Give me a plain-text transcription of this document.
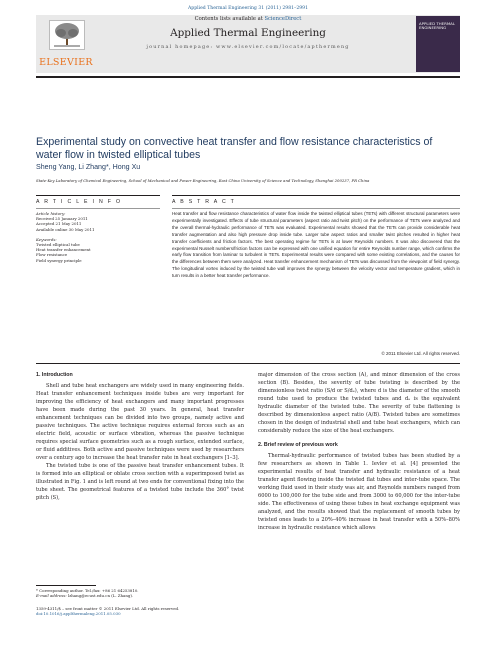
Applied Thermal Engineering 31 (2011) 2981–2991
ELSEVIER
Contents lists available at ScienceDirect
Applied Thermal Engineering
journal homepage: www.elsevier.com/locate/apthermeng
APPLIED THERMAL ENGINEERING
Experimental study on convective heat transfer and flow resistance characteristics of water flow in twisted elliptical tubes
Sheng Yang, Li Zhang*, Hong Xu
State-Key Laboratory of Chemical Engineering, School of Mechanical and Power Engineering, East China University of Science and Technology, Shanghai 200237, PR China
A R T I C L E I N F O	A B S T R A C T
Article history:
Received 25 January 2011
Accepted 21 May 2011
Available online 30 May 2011
Keywords:
Twisted elliptical tube
Heat transfer enhancement
Flow resistance
Field synergy principle
Heat transfer and flow resistance characteristics of water flow inside the twisted elliptical tubes (TETs) with different structural parameters were experimentally investigated. Effects of tube structural parameters (aspect ratio and twist pitch) on the performance of TETs were analyzed and the overall thermal-hydraulic performance of TETs was evaluated. Experimental results showed that the TETs can provide considerable heat transfer augmentation and also high pressure drop inside tube. Larger tube aspect ratios and smaller twist pitches resulted in higher heat transfer coefficients and friction factors. The best operating regime for TETs is at lower Reynolds numbers. It was also discovered that the experimental Nusselt numbers/friction factors can be expressed with one unified equation for entire Reynolds number range, which confirms the early flow transition from laminar to turbulent in TETs. Experimental results were compared with some existing correlations, and the causes for the differences between them were analyzed. Heat transfer enhancement mechanism of TETs was discussed from the viewpoint of field synergy. The longitudinal vortex induced by the twisted tube wall improves the synergy between the velocity vector and temperature gradient, which in turn results in a better heat transfer performance.
© 2011 Elsevier Ltd. All rights reserved.
1. Introduction
Shell and tube heat exchangers are widely used in many engineering fields. Heat transfer enhancement techniques inside tubes are very important for improving the efficiency of heat exchangers and many important progresses have been made during the past 30 years. In general, heat transfer enhancement techniques can be divided into two groups, namely active and passive techniques. The active technique requires external forces such as an electric field, acoustic or surface vibration, whereas the passive technique requires special surface geometries such as a rough surface, extended surface, or fluid additives. Both active and passive techniques were used by researchers over a century ago to increase the heat transfer rate in heat exchangers [1–3].
The twisted tube is one of the passive heat transfer enhancement tubes. It is formed into an elliptical or oblate cross section with a superimposed twist as illustrated in Fig. 1 and is left round at two ends for conventional fixing into the tube sheet. The geometrical features of a twisted tube include the 360° twist pitch (S),
major dimension of the cross section (A), and minor dimension of the cross section (B). Besides, the severity of tube twisting is described by the dimensionless twist ratio (S/d or S/dₑ), where d is the diameter of the smooth round tube used to produce the twisted tubes and dₑ is the equivalent hydraulic diameter of the twisted tube. The severity of tube flattening is described by dimensionless aspect ratio (A/B). Twisted tubes are sometimes chosen in the design of industrial shell and tube heat exchangers, which can considerably reduce the size of the heat exchangers.
2. Brief review of previous work
Thermal-hydraulic performance of twisted tubes has been studied by a few researchers as shown in Table 1. Ievlev et al. [4] presented the experimental results of heat transfer and hydraulic resistance of a heat transfer agent flowing inside the twisted flat tubes and inter-tube space. The working fluid used in their study was air, and Reynolds numbers ranged from 6000 to 100,000 for the tube side and from 3000 to 60,000 for the inter-tube side. The effectiveness of using these tubes in heat exchange equipment was analyzed, and the results showed that the replacement of smooth tubes by twisted ones leads to a 20%–40% increase in heat transfer with a 50%–80% increase in hydraulic resistance which allows
* Corresponding author. Tel./fax: +86 21 64253810.
E-mail address: lzhang@ecust.edu.cn (L. Zhang).
1359-4311/$ – see front matter © 2011 Elsevier Ltd. All rights reserved.
doi:10.1016/j.applthermaleng.2011.05.030
